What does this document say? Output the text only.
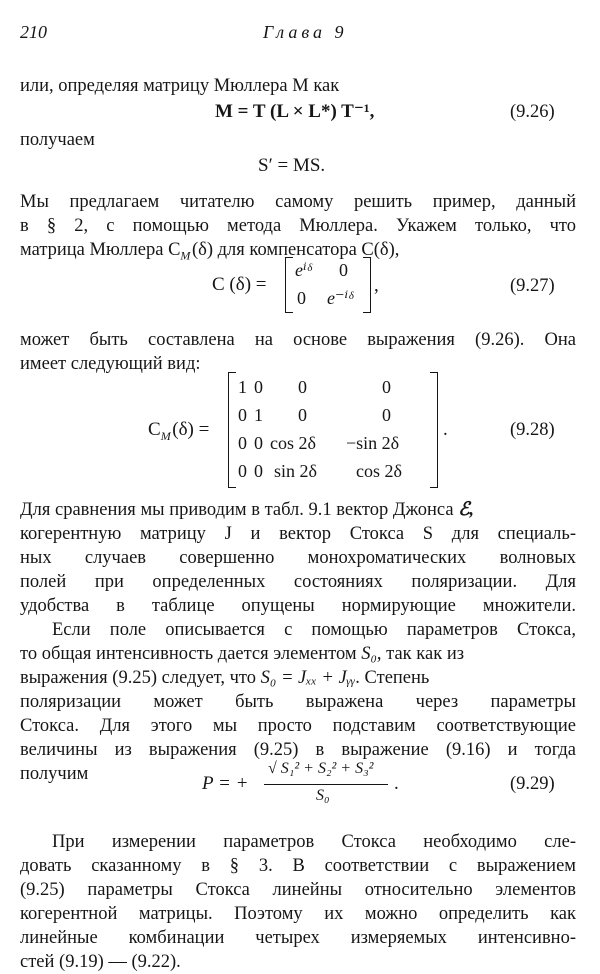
210	Глава 9
или, определяя матрицу Мюллера M как
M = T (L × L*) T⁻¹,	(9.26)
получаем
S′ = MS.
Мы предлагаем читателю самому решить пример, данный
в § 2, с помощью метода Мюллера. Укажем только, что
матрица Мюллера $C_M$ (δ) для компенсатора C(δ),
C (δ) =
eⁱᵟ 0
0 e⁻ⁱᵟ
,	(9.27)
может быть составлена на основе выражения (9.26). Она
имеет следующий вид:
$C_M$ (δ) =
1 0 0	0
0 1 0	0
0 0 cos 2δ −sin 2δ
0 0 sin 2δ cos 2δ
.	(9.28)
Для сравнения мы приводим в табл. 9.1 вектор Джонса ℰ,
когерентную матрицу J и вектор Стокса S для специаль-
ных случаев совершенно монохроматических волновых
полей при определенных состояниях поляризации. Для
удобства в таблице опущены нормирующие множители.
Если поле описывается с помощью параметров Стокса,
то общая интенсивность дается элементом S₀, так как из
выражения (9.25) следует, что S₀ = Jₓₓ + Jᵧᵧ. Степень
поляризации может быть выражена через параметры
Стокса. Для этого мы просто подставим соответствующие
величины из выражения (9.25) в выражение (9.16) и тогда
получим	P = +
√ S₁² + S₂² + S₃²
S₀
.	(9.29)
При измерении параметров Стокса необходимо сле-
довать сказанному в § 3. В соответствии с выражением
(9.25) параметры Стокса линейны относительно элементов
когерентной матрицы. Поэтому их можно определить как
линейные комбинации четырех измеряемых интенсивно-
стей (9.19) — (9.22).
